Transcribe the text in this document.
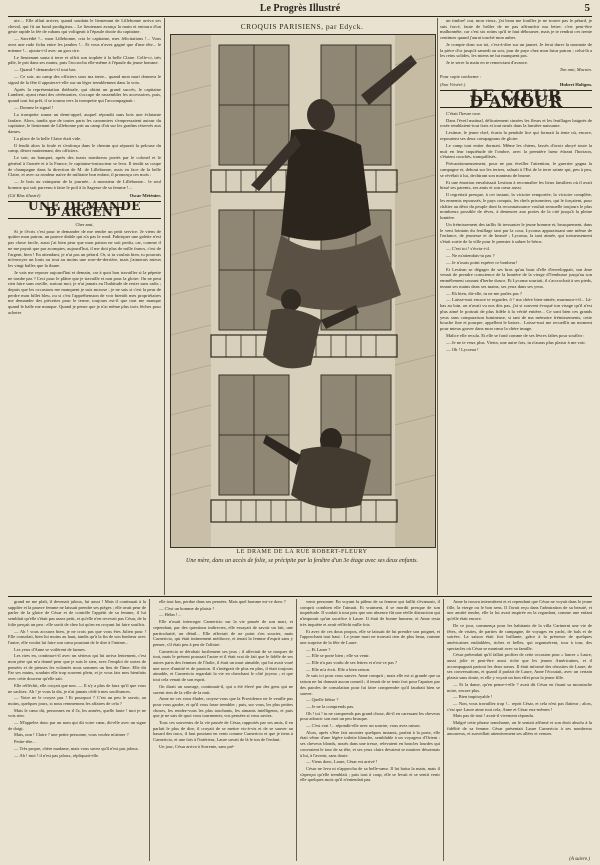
Le Progrès Illustré	5

ute.... Elle allait arriver, quand soudain le lieutenant de Lillebonne arriva ses cheval, qui fit un bond prodigieux... Le lieutenant avança la main et entoura d'un geste rapide la fée de rubans qui voltigeait à l'épaule droite du capitaine.

— Sacrédié !... mon Lillebonne, cria le capitaine, mes félicitations !... Vous avez une rude fichu entre les jambes !... Et vous n'avez gagné que d'une tête... le mienne !... ajouta-t-il avec un gros rire.

Le lieutenant sauta à terre et offrit son trophée à la belle Claire. Celle-ci, très pâle, le prit dans ses mains, puis l'accrocha elle-même à l'épaule du jeune homme.

— Quand ? demanda-t-il tout bas.

— Ce soir, au camp des officiers sous ma tente... quand mon mari donnera le signal de la fête il appuiera-t-elle sur un léger tremblement dans la voix.

Après la représentation théâtrale, qui obtint un grand succès, le capitaine Lambert, ayant réuni des cérémonies, s'occupe de rassembler les accessoires, puis, quand tout fut prêt, il se tourna vers la trompette qui l'accompagnait :

— Donnez le signal !

La trompette sonna un demi-appel, auquel répondit sans bois une éclatante fanfare. Alors, tandis que de toutes parts les canonniers s'empressaient autour du capitaine, le lieutenant de Lillebonne prit au camp d'où sur les gradins réservés aux dames.

La place de la belle Claire était vide.

Il fendit alors la foule et s'enfonça dans le chemin qui séparait la pelouse du camp, désert maintenant, des officiers.

Le soir, au banquet, après des toasts nombreux portés par le colonel et le général à l'armée et à la France, le capitaine-instructeur se leva. Il tendit sa coupe de champagne dans la direction de M. de Lillebonne, assis en face de la belle Claire, et avec sa rondeur naïve de militaire bon enfant, il prononça ces mots :

— Je bois au vainqueur de la journée... à monsieur de Lillebonne... le seul homme qui soit parvenu à faire le poil à la Sagesse de sa femme !...

(Gil Blas illustré)	Oscar Méténier.
UNE DEMANDE D'ARGENT

Cher ami,

Si je t'écris c'est pour te demander de me rendre un petit service. Je viens de quitter mon patron, un pauvre diable qui n'a pas le rond. Fabriquer une galette n'est pas chose facile, aussi j'ai bien peur que mon patron ne soit perdu, car, comme il ne me payait que par acomptes, aujourd'hui, il me doit plus de mille francs, c'est de l'argent, bien ! En attendant, je n'ai pas un pétard. Or, si tu voulais bien, tu pourrais m'envoyer un louis ou tout au moins une rose-de-derrière, mais j'aimerais mieux les vingt balles que la thune.

Je vais me reposer aujourd'hui et demain, car à quoi bon travailler si la pépette ne tombe pas ? Ceci pour le plâtre que je travaille et non pour la gloire. On ne peut rien faire sans oseille, surtout moi, je n'ai jamais eu l'habitude de rester sans radis ; depuis que les occasions me manquent je suis morose ; je ne sais si c'est la peur de perdre mon billet bleu, ou si c'est l'appréhension de voir bientôt mes propriétaires me demander des piécettes pour le terme, toujours est-il que tout me manque quand le balle me manque. Quand je pense que je n'ai même plus trois fèches pour acheter

CROQUIS PARISIENS, par Edyck.
LE DRAME DE LA RUE ROBERT-FLEURY
Une mère, dans un accès de folie, se précipite par la fenêtre d'un 3e étage avec ses deux enfants.

un timbre! oui, mon vieux, j'ai beau me fouiller je ne trouve pas le pétard, je suis forcé, faute de brûler de ne pas affranchir ma lettre; c'est peut-être malhonnête, car c'est six rotins qu'il te faut débourser, mais je te rendrai ces trente centimes quand j'aurai touché mon auber.

Je compte donc sur toi, c'est-à-dire sur un jaunet. Je ferai durer la monnaie de la pièce d'or jusqu'à samedi au soir, jour de paye chez mon futur patron ; celui-là a les reins solides, les miens ne lui manquent pas.

Je te serre la main en te remerciant d'avance.

Ton ami, Macnin.

Pour copie conforme :

(Son Vénérè.)	Hubert Holtgen.
LE CŒUR D'AMOUR

C'était l'heure rose.

Dans l'éveil matinal, délicatement cinsées les fleurs et les feuillages baignés de rosée remblaient-tout frais et tout neufs dans la lumière naissante.

Lesitme, le jeune chef, écarta la pendule lice qui formait la tente où, encore, reposaient ses deux compagnons de gloire.

Le camp tout entier dormait. Même les chiens, lassés d'avoir aboyé toute la nuit en leur inquiétude de l'ombre, avec la première lueur étirant l'horizon, s'étaient couchés, tranquillisés.

Précautionneusement, pour ne pas éveiller l'attention, le guerrier gagna la campagne et, debout sur les tertres, saluait à l'Est de la terre sainte qui, peu à peu, se révélait à lui, dechirant son manteau de brume.

Et une émotion envahissait Lestism à reconnaître les lieux familiers où il avait hissé ses parents, ses amis et son cœur aussi.

Il regrettait presque, à cet instant, la victoire remportée, la victoire complète, les ennemis repoussés, le pays conquis, les chefs prisonniers, qui le forçaient, pour châtier au désir du peuple dont la reconnaissance voulait sensuelle toujours le plus nombreux possible de rêves, à demeurer aux portes de la cité jusqu'à la pleine lumière.

Un frémissement des taillis fit tressauter le jeune homme et, brusquement, dans le vent lointain du feuillage tant par la cour, Lycoma apparaissant une même de l'enfance, de jeunesse et de beauté ; Lycoma, la tant aimée, qui tortueusement s'était sortie de la ville pour le premier à saluer le héros.

— C'est toi ! s'écria-t-il.

— Ne m'attendais-tu pas ?

— Je n'osais point espérer ce bonheur!

Et Lestism se dégager de ses bras qu'au bout d'elle d'enveloppait, son âme venait de prendre conscience de la lumière de la vierge d'l'embusse jusqu'au son emmêlement courant d'herbe douce, Et Lycoma souriait, il s'accrochait à ses pieds, tenant ses mains dans ses mains, ses yeux dans ses yeux.

— Eh bien, dit-elle, tu ne me parles pas ?

— Laisse-moi encore te regarder, ô ! ma chère bien-aimée, murmura-t-il... Là-bas au loin, on n'avait vu nos dits pas, j'ai si souvent évoqué ton visage qu'il n'est plus aimé le portrait de plus fidèle à la vérité entière... Ce sont bien ces grands yeux sans comparaison lumineuse, si tant de ma mémoire frémissements, cette bouche fine et pourpre, appellent le baiser... Laisse-moi me recueillir un moment pour mieux graver dans mon cœur la chère image.

Malice elle recula. Et elle se fond comme de ses lèvres faîtes pour souffrir :

— Je ne te veux plus. Vietor, une autre fois, tu n'auras plus plaisir à me voir.

— Oh ! Lycoma !

grand ne me plaît, il devenait jaloux, lui aussi ! Mais il continuait à la supplier et la pauvre femme ne laissait prendre ses pièges ; elle avait peur de parler de la gloire de César et de contrôle l'appétit de sa femme, il lui semblait qu'elle s'était pas assez petit, et qu'elle n'en recevait pas César, de la folie perçait un peu : elle sortit de chez lui qu'en en croyant lui faire souffrir.

— Ah ! vous accusez bien, je ne crois pas que vous êtes Julien pour ! Elle consolait, bien lui moins au haut, tandis qu'à la fin de son bonheur avec l'autre, elle voulut lui faire son cœur pourtant de le dire à l'intime...

Les yeux d'Anne se voilèrent de larmes.

Les rires en, continua-t-il avec un sérieux qui lui arriva lentement, c'est mon père qui m'a donné peur que je suis le sien, avec l'emploi de sortes de pensées et de pieuses les volontés nous sommes un lieu de l'âme. Elle dit Par ses mains, soudain elle trop souvent plein, et je vous fais mes bienfaits avec cette douceur qu'elle sait.

Elle réfléchit, elle croyait que non. — Il n'y a plus de faux qu'il que vous ne sachiez. Ah ! je vous la dis, je n'ai jamais cédé à mes souffrances.

— Votre ne le croyez pas ! Et pourquoi ? C'est un peu le savoir, au moins, quelques jours, si nous remmenons les affaires de cela ?

Mais le cœur dit, personnes en il l'a, les années, quelle faute ! moi je ne vois rien.

— M'appelez donc par un nom qui dit votre cœur, dit-elle avec un signe de doigt.

Mais, non ! Claire ? une petite personne, vous voulez m'aimer ?

Petite-tête...

— Très propre, chère madame, mais vous savez qu'il n'est pas jaloux.

— Ah ! moi ! il n'est pas jaloux, répliquait-elle.

elle tout bas, perdue dans ses pensées. Mais quel homme est-ce donc ?

— C'est un homme de plaisir !

— Hélas !...

Elle n'osait interroger Carnericio sur la vie passée de son mari, et cependant, par des questions indirectes, elle essayait de savoir un fait, une particularité, un détail... Elle affectait de ne point s'en soucier, mais Carnericio, qui était intimement médiocre, et tenait la femme d'esprit sans y penser, s'il était peu à peu de l'affaire.

Carnericio se dérobait facilement ses jeux ; il affectait de se moquer de tout, mais le présent poussait l'autre et il était vrai de fait que le fidèle de ses autres parts des femmes de l'Italie, il était un mari aimable, qui lui avait voué une noce d'amitié et de passion. Il s'intégrait de plus en plus, il était toujours aimable, et Carnericio regardait la vie en cherchant le côté joyeux ; et que tout cela venait de son esprit.

On dirait un sauvage, continuait-il, qui a été élevé par des gens qui ne savent rien de la ville de la nuit.

Anne ne ces vous éluder, croyez-vous que la Providence ne le veuille pas pour vous garder, et qu'il vous fasse trembler ; puis, sur vous, les plus petites choses, les rendez-vous les plus touchants, les aimants intelligents, et puis que je ne sais de quoi vous tourmenter, vos pensées si vous saviez.

Tous ces souvenirs de la vie passée de César, rapportés par ses amis, il en parlait le plus de dire, il croyait de se mettre vis-à-vis et de se sauver au hasard des trucs, il faut pourtant en venir comme Carnericio et que je tiens à Carnericio, et une fois à l'intérieur, Laure savait de là le ton de l'enfant.

Un jour, César arriva à Sorrente, sans pré-

venir personne. En voyant la pâleur de sa femme qui faillit s'évanouir, il comprit combien elle l'aimait. Et vraiment, il se mordit presque de son inquiétude. Il voulait à tout prix que son absence fût une réelle distraction qui n'imposait qu'un sacrifice à Laure. Il était de bonne humeur, et Anne resta très inquiète et avait réfléchi mille fois.

Et avec de ces doux propos, elle se laissait de lui prendre son poignet, et l'approchant tout haut : Le jeune mari ne trouvait rien de plus beau, comme une surprise de la fête de Laure.

— Et Laure ?

— Elle se porte bien ; elle va venir.

— Elle n'a pas voulu de ses lettres et n'est-ce pas ?

— Elle m'a écrit. Elle a bien raison.

Je suis ici pour vous sauver. Anne comprit ; mais elle est si grande que sa raison ne lui donnait aucun conseil ; il tenait de se tenir fort pour l'apaiser par des paroles de consolation pour lui faire comprendre qu'il faudrait bien se sauver.

— Quelle bêtise ?

— Je ne la comprends pas.

Oh ! toi ! tu ne comprends pas grand chose, dit-il en caressant les cheveux pour adoucir son mot un peu brusque.

— C'est vrai !... répondit-elle avec un sourire, vous avez raison.

Alors, après s'être fait raconter quelques instants, parfait à la porte, elle était vêtue d'une légère toilette blanche, semblable à un voyageur d'Orient : ses cheveux blonds, noués dans une tresse, relevaient en boucles lourdes qui couvraient le tour de sa tête, et ses yeux clairs devaient se montrer désormais à lui, à l'avenir, sans doute.

— Viens donc, Laure, César est arrivé !

César ne leva ni n'approcha de sa belle-sœur. Il lui baisa la main, mais il s'aperçut qu'elle tremblait ; puis tout à coup, elle se levait et se sentit venir elle quelques mots qu'il n'entendait pas.

Anne la trouva intermittent et et cependant que César ne voyait dans le jeune fille, la vierge ou le bon sens. Il l'avait reçu dans l'admiration de sa beauté, et une amitié tendre, elle la lui avait inspirée en la regardant, comme une enfant qu'elle était encore.

De ce jour, commença pour les habitants de la villa Carinerni une vie de fêtes, de visites, de parties de campagne, de voyages en yacht, de bals et de soirées. La saison était fort brillante, grâce à la présence de quelques américaines endiablées, riches et belles, qui organisèrent, tour à tour, des spectacles où César se montrait avec sa famille.

César prétendait qu'il fallait profiter de cette occasion pour « lancer » Laure, aussi jolie et peut-être aussi riche que les jeunes Américaines, et il accompagnait partout les deux sœurs. Il était informé des réussites de Laure, de ses conversations, et quand il parlait de Laure, Anne l'écoutait, avec un certain plaisir sans doute, et elle y voyait un bon effet pour la jeune fille.

— Et la dame, qu'en pense-t-elle ? avait dit César en fixant sa moustache noire, encore plus.

— Bien impitoyable !

— Non, vous travaillez trop !... reprit César, et cela n'est pas flatteur ; alors, c'est que Laure aime tout cela, Anne et César eux-mêmes !

Mais pas de tout ! avait-il vivement répondu.

Malgré cette phrase tranchante, on le sentait affirmé et son droit absolu à la fidélité de sa femme. César présentait Laure Carnericio à ses nombreux amoureux, et surveillait attentivement ses allées et venues.

(A suivre.)
